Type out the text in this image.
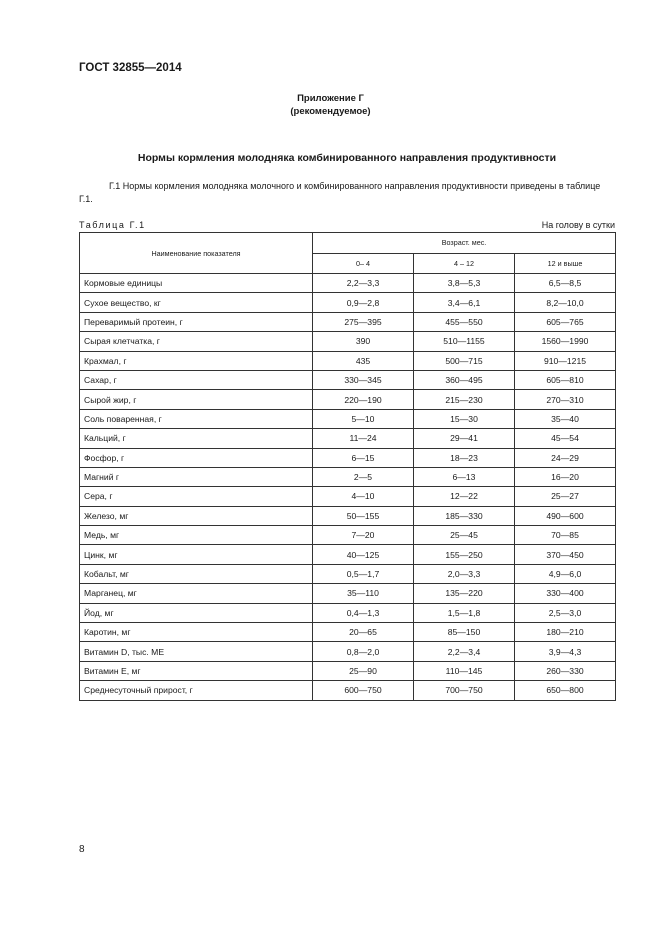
ГОСТ 32855—2014
Приложение Г
(рекомендуемое)
Нормы кормления молодняка комбинированного направления продуктивности
Г.1 Нормы кормления молодняка молочного и комбинированного направления продуктивности приведены в таблице Г.1.
Таблица Г.1	На голову в сутки
Наименование показателя	Возраст. мес.		
	0– 4	4 – 12	12 и выше
Кормовые единицы	2,2—3,3	3,8—5,3	6,5—8,5
Сухое вещество, кг	0,9—2,8	3,4—6,1	8,2—10,0
Переваримый протеин, г	275—395	455—550	605—765
Сырая клетчатка, г	390	510—1155	1560—1990
Крахмал, г	435	500—715	910—1215
Сахар, г	330—345	360—495	605—810
Сырой жир, г	220—190	215—230	270—310
Соль поваренная, г	5—10	15—30	35—40
Кальций, г	11—24	29—41	45—54
Фосфор, г	6—15	18—23	24—29
Магний г	2—5	6—13	16—20
Сера, г	4—10	12—22	25—27
Железо, мг	50—155	185—330	490—600
Медь, мг	7—20	25—45	70—85
Цинк, мг	40—125	155—250	370—450
Кобальт, мг	0,5—1,7	2,0—3,3	4,9—6,0
Марганец, мг	35—110	135—220	330—400
Йод, мг	0,4—1,3	1,5—1,8	2,5—3,0
Каротин, мг	20—65	85—150	180—210
Витамин D, тыс. МЕ	0,8—2,0	2,2—3,4	3,9—4,3
Витамин Е, мг	25—90	110—145	260—330
Среднесуточный прирост, г	600—750	700—750	650—800
8
